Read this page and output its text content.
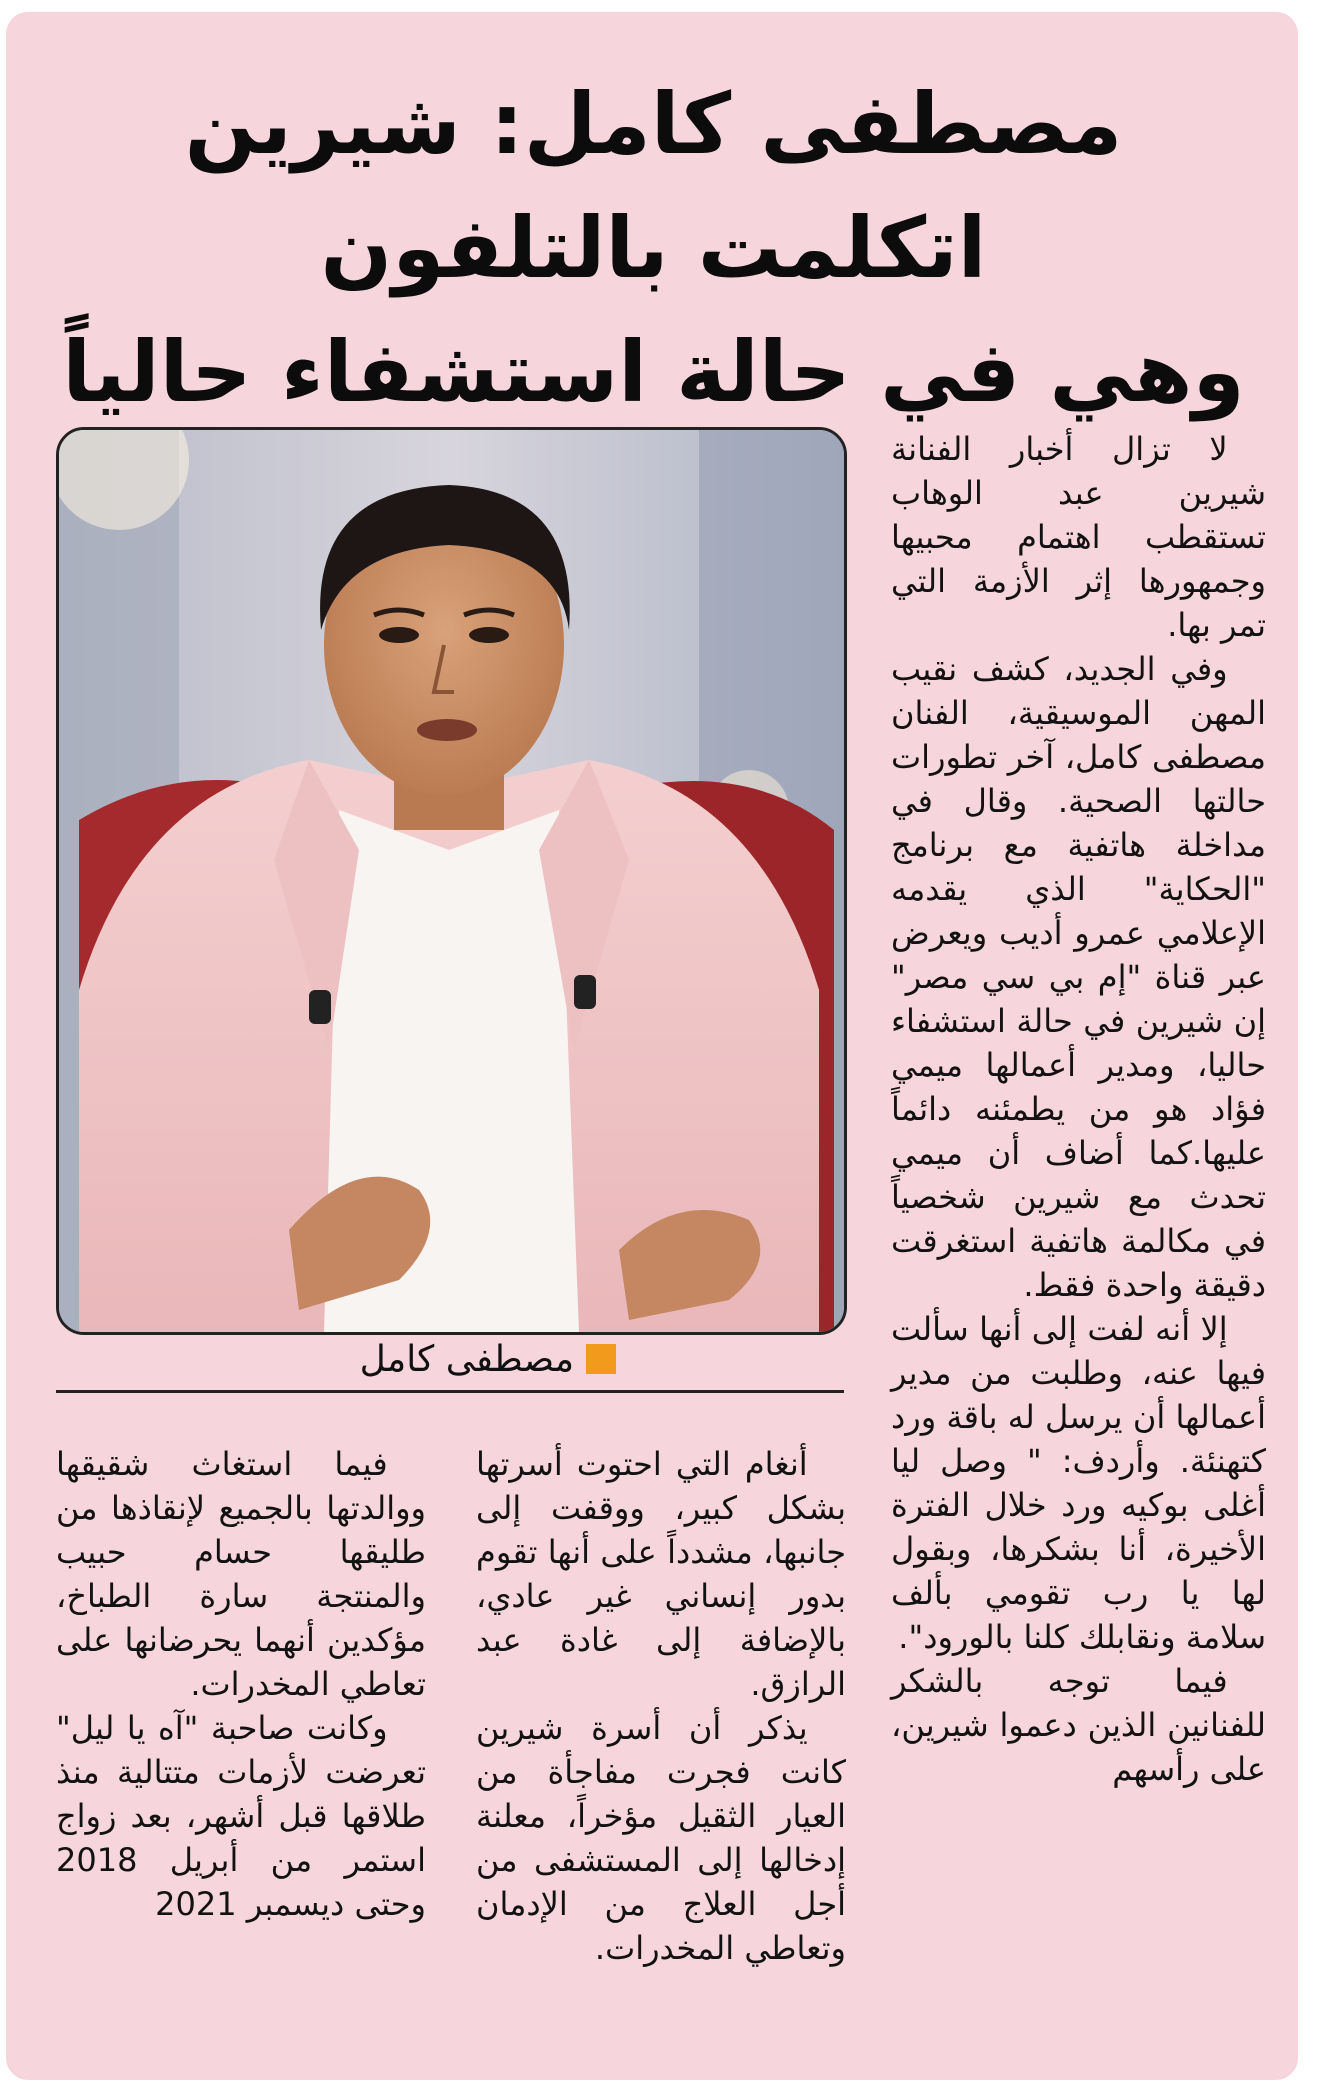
مصطفى كامل: شيرين اتكلمت بالتلفون
وهي في حالة استشفاء حالياً
مصطفى كامل

لا تزال أخبار الفنانة شيرين عبد الوهاب تستقطب اهتمام محبيها وجمهورها إثر الأزمة التي تمر بها.

وفي الجديد، كشف نقيب المهن الموسيقية، الفنان مصطفى كامل، آخر تطورات حالتها الصحية. وقال في مداخلة هاتفية مع برنامج "الحكاية" الذي يقدمه الإعلامي عمرو أديب ويعرض عبر قناة "إم بي سي مصر" إن شيرين في حالة استشفاء حاليا، ومدير أعمالها ميمي فؤاد هو من يطمئنه دائماً عليها.كما أضاف أن ميمي تحدث مع شيرين شخصياً في مكالمة هاتفية استغرقت دقيقة واحدة فقط.

إلا أنه لفت إلى أنها سألت فيها عنه، وطلبت من مدير أعمالها أن يرسل له باقة ورد كتهنئة. وأردف: " وصل ليا أغلى بوكيه ورد خلال الفترة الأخيرة، أنا بشكرها، وبقول لها يا رب تقومي بألف سلامة ونقابلك كلنا بالورود".

فيما توجه بالشكر للفنانين الذين دعموا شيرين، على رأسهم

أنغام التي احتوت أسرتها بشكل كبير، ووقفت إلى جانبها، مشدداً على أنها تقوم بدور إنساني غير عادي، بالإضافة إلى غادة عبد الرازق.

يذكر أن أسرة شيرين كانت فجرت مفاجأة من العيار الثقيل مؤخراً، معلنة إدخالها إلى المستشفى من أجل العلاج من الإدمان وتعاطي المخدرات.

فيما استغاث شقيقها ووالدتها بالجميع لإنقاذها من طليقها حسام حبيب والمنتجة سارة الطباخ، مؤكدين أنهما يحرضانها على تعاطي المخدرات.

وكانت صاحبة "آه يا ليل" تعرضت لأزمات متتالية منذ طلاقها قبل أشهر، بعد زواج استمر من أبريل 2018 وحتى ديسمبر 2021
